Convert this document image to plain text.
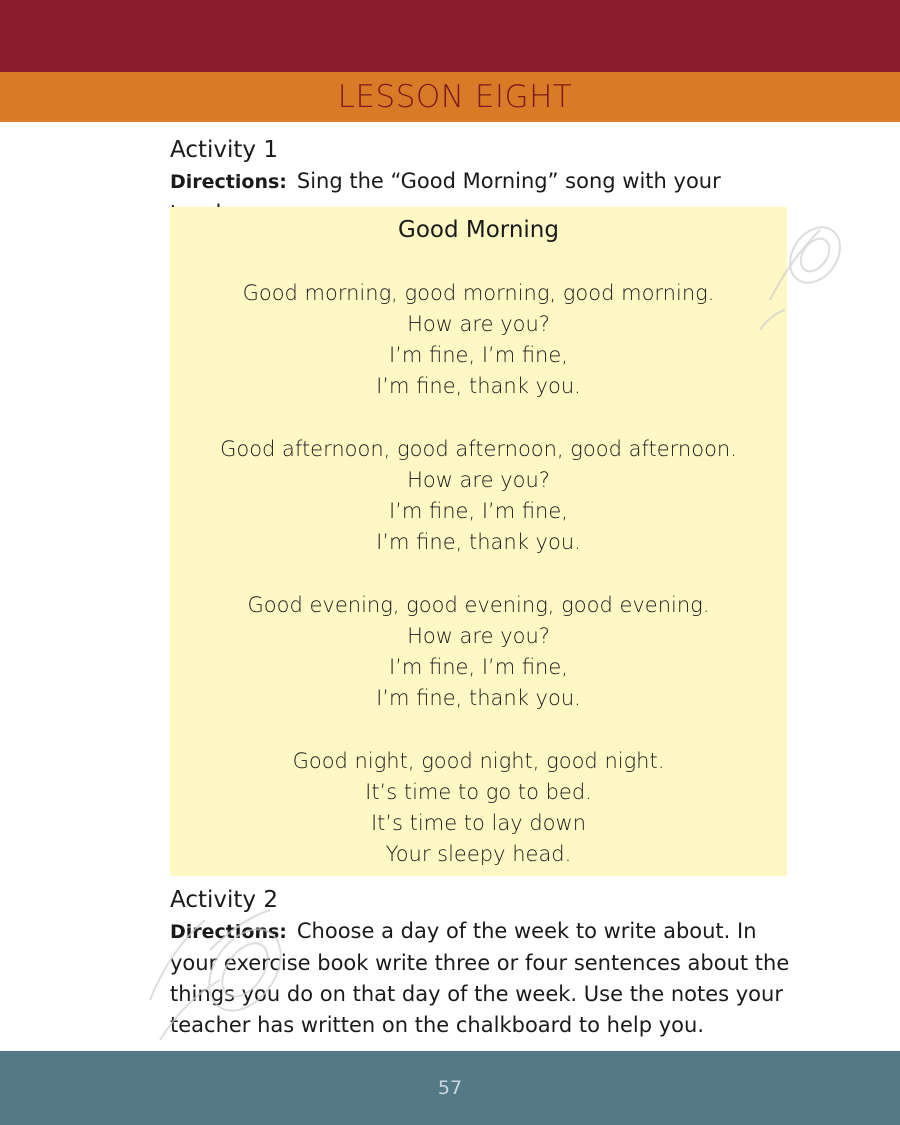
LESSON EIGHT
Activity 1

Directions: Sing the “Good Morning” song with your

Good Morning
Good morning, good morning, good morning.
How are you?
I’m fine, I’m fine,
I’m fine, thank you.
Good afternoon, good afternoon, good afternoon.
How are you?
I’m fine, I’m fine,
I’m fine, thank you.
Good evening, good evening, good evening.
How are you?
I’m fine, I’m fine,
I’m fine, thank you.
Good night, good night, good night.
It’s time to go to bed.
It’s time to lay down
Your sleepy head.
Activity 2

Directions: Choose a day of the week to write about. In your exercise book write three or four sentences about the things you do on that day of the week. Use the notes your teacher has written on the chalkboard to help you.

57
